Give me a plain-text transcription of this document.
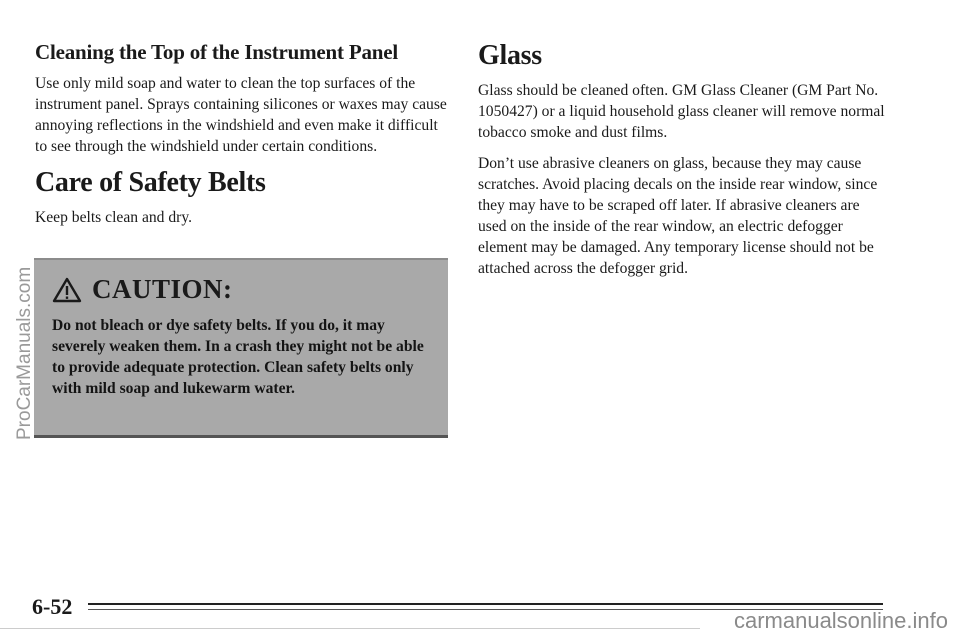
Cleaning the Top of the Instrument Panel

Use only mild soap and water to clean the top surfaces of the instrument panel. Sprays containing silicones or waxes may cause annoying reflections in the windshield and even make it difficult to see through the windshield under certain conditions.

Care of Safety Belts

Keep belts clean and dry.

CAUTION:

Do not bleach or dye safety belts. If you do, it may severely weaken them. In a crash they might not be able to provide adequate protection. Clean safety belts only with mild soap and lukewarm water.

Glass

Glass should be cleaned often. GM Glass Cleaner (GM Part No. 1050427) or a liquid household glass cleaner will remove normal tobacco smoke and dust films.

Don’t use abrasive cleaners on glass, because they may cause scratches. Avoid placing decals on the inside rear window, since they may have to be scraped off later. If abrasive cleaners are used on the inside of the rear window, an electric defogger element may be damaged. Any temporary license should not be attached across the defogger grid.

ProCarManuals.com
6-52
carmanualsonline.info
